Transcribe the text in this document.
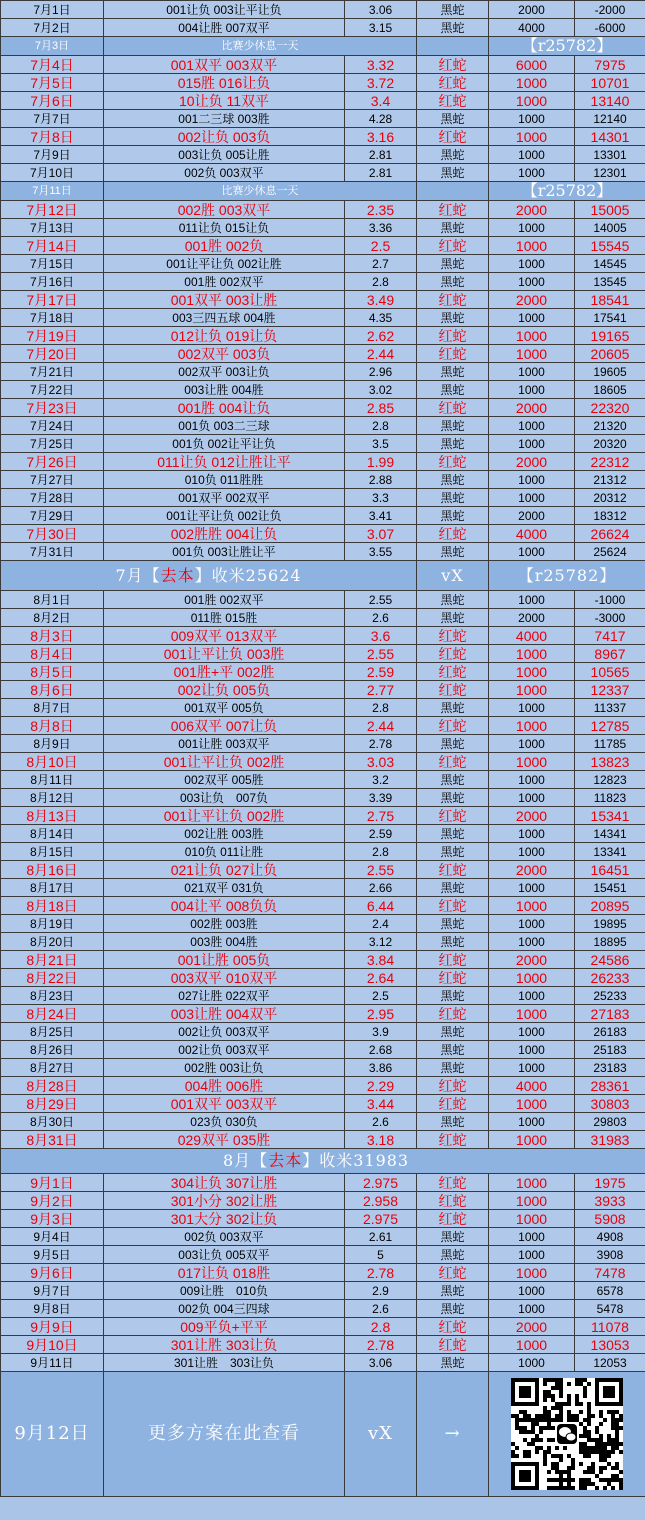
7月1日	001让负 003让平让负	3.06	黑蛇	2000	-2000
7月2日	004让胜 007双平	3.15	黑蛇	4000	-6000
7月3日	比赛少休息一天			【r25782】	
7月4日	001双平 003双平	3.32	红蛇	6000	7975
7月5日	015胜 016让负	3.72	红蛇	1000	10701
7月6日	10让负 11双平	3.4	红蛇	1000	13140
7月7日	001二三球 003胜	4.28	黑蛇	1000	12140
7月8日	002让负 003负	3.16	红蛇	1000	14301
7月9日	003让负 005让胜	2.81	黑蛇	1000	13301
7月10日	002负 003双平	2.81	黑蛇	1000	12301
7月11日	比赛少休息一天			【r25782】	
7月12日	002胜 003双平	2.35	红蛇	2000	15005
7月13日	011让负 015让负	3.36	黑蛇	1000	14005
7月14日	001胜 002负	2.5	红蛇	1000	15545
7月15日	001让平让负 002让胜	2.7	黑蛇	1000	14545
7月16日	001胜 002双平	2.8	黑蛇	1000	13545
7月17日	001双平 003让胜	3.49	红蛇	2000	18541
7月18日	003三四五球 004胜	4.35	黑蛇	1000	17541
7月19日	012让负 019让负	2.62	红蛇	1000	19165
7月20日	002双平 003负	2.44	红蛇	1000	20605
7月21日	002双平 003让负	2.96	黑蛇	1000	19605
7月22日	003让胜 004胜	3.02	黑蛇	1000	18605
7月23日	001胜 004让负	2.85	红蛇	2000	22320
7月24日	001负 003二三球	2.8	黑蛇	1000	21320
7月25日	001负 002让平让负	3.5	黑蛇	1000	20320
7月26日	011让负 012让胜让平	1.99	红蛇	2000	22312
7月27日	010负 011胜胜	2.88	黑蛇	1000	21312
7月28日	001双平 002双平	3.3	黑蛇	1000	20312
7月29日	001让平让负 002让负	3.41	黑蛇	2000	18312
7月30日	002胜胜 004让负	3.07	红蛇	4000	26624
7月31日	001负 003让胜让平	3.55	黑蛇	1000	25624
7月【去本】收米25624			vX	【r25782】	
8月1日	001胜 002双平	2.55	黑蛇	1000	-1000
8月2日	011胜 015胜	2.6	黑蛇	2000	-3000
8月3日	009双平 013双平	3.6	红蛇	4000	7417
8月4日	001让平让负 003胜	2.55	红蛇	1000	8967
8月5日	001胜+平 002胜	2.59	红蛇	1000	10565
8月6日	002让负 005负	2.77	红蛇	1000	12337
8月7日	001双平 005负	2.8	黑蛇	1000	11337
8月8日	006双平 007让负	2.44	红蛇	1000	12785
8月9日	001让胜 003双平	2.78	黑蛇	1000	11785
8月10日	001让平让负 002胜	3.03	红蛇	1000	13823
8月11日	002双平 005胜	3.2	黑蛇	1000	12823
8月12日	003让负　007负	3.39	黑蛇	1000	11823
8月13日	001让平让负 002胜	2.75	红蛇	2000	15341
8月14日	002让胜 003胜	2.59	黑蛇	1000	14341
8月15日	010负 011让胜	2.8	黑蛇	1000	13341
8月16日	021让负 027让负	2.55	红蛇	2000	16451
8月17日	021双平 031负	2.66	黑蛇	1000	15451
8月18日	004让平 008负负	6.44	红蛇	1000	20895
8月19日	002胜 003胜	2.4	黑蛇	1000	19895
8月20日	003胜 004胜	3.12	黑蛇	1000	18895
8月21日	001让胜 005负	3.84	红蛇	2000	24586
8月22日	003双平 010双平	2.64	红蛇	1000	26233
8月23日	027让胜 022双平	2.5	黑蛇	1000	25233
8月24日	003让胜 004双平	2.95	红蛇	1000	27183
8月25日	002让负 003双平	3.9	黑蛇	1000	26183
8月26日	002让负 003双平	2.68	黑蛇	1000	25183
8月27日	002胜 003让负	3.86	黑蛇	1000	23183
8月28日	004胜 006胜	2.29	红蛇	4000	28361
8月29日	001双平 003双平	3.44	红蛇	1000	30803
8月30日	023负 030负	2.6	黑蛇	1000	29803
8月31日	029双平 035胜	3.18	红蛇	1000	31983
8月【去本】收米31983					
9月1日	304让负 307让胜	2.975	红蛇	1000	1975
9月2日	301小分 302让胜	2.958	红蛇	1000	3933
9月3日	301大分 302让负	2.975	红蛇	1000	5908
9月4日	002负 003双平	2.61	黑蛇	1000	4908
9月5日	003让负 005双平	5	黑蛇	1000	3908
9月6日	017让负 018胜	2.78	红蛇	1000	7478
9月7日	009让胜　010负	2.9	黑蛇	1000	6578
9月8日	002负 004三四球	2.6	黑蛇	1000	5478
9月9日	009平负+平平	2.8	红蛇	2000	11078
9月10日	301让胜 303让负	2.78	红蛇	1000	13053
9月11日	301让胜　303让负	3.06	黑蛇	1000	12053
9月12日	更多方案在此查看	vX	→	
